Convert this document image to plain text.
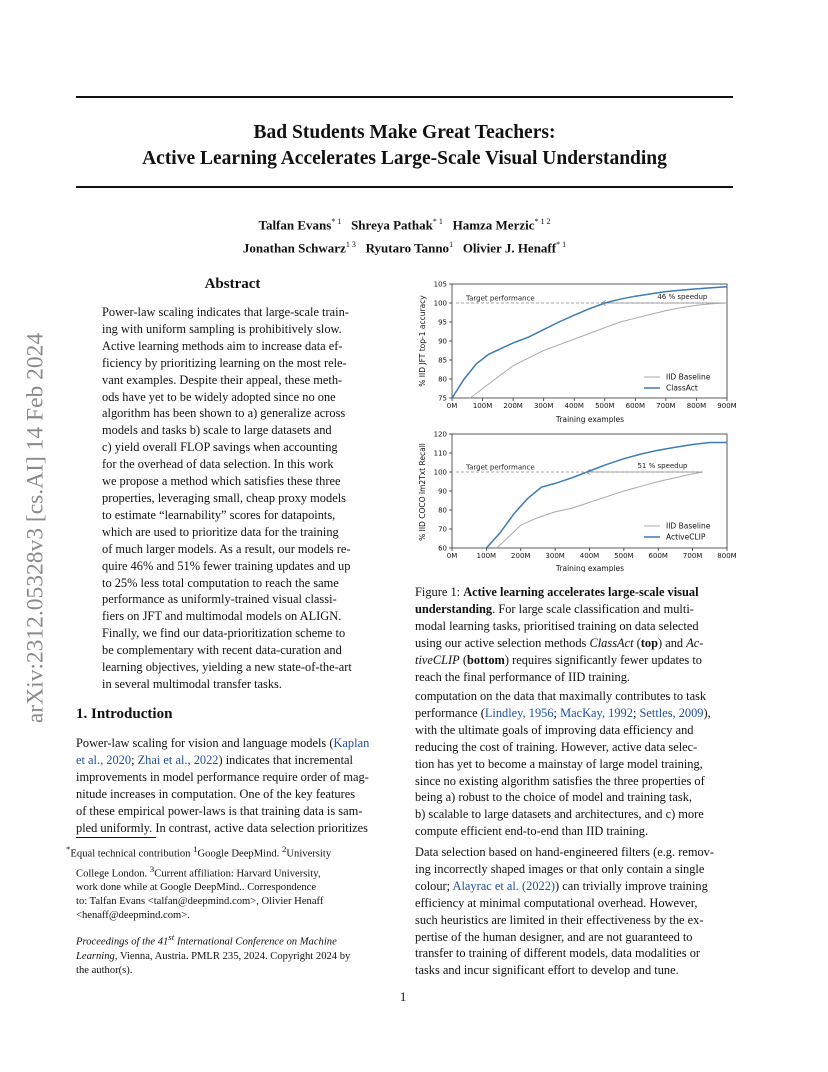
arXiv:2312.05328v3 [cs.AI] 14 Feb 2024
Bad Students Make Great Teachers:
Active Learning Accelerates Large-Scale Visual Understanding
Talfan Evans$^{* 1}$ Shreya Pathak$^{* 1}$ Hamza Merzic$^{* 1 2}$
Jonathan Schwarz$^{1 3}$ Ryutaro Tanno$^1$ Olivier J. Henaff$^{* 1}$
Abstract

Power-law scaling indicates that large-scale train-
ing with uniform sampling is prohibitively slow.
Active learning methods aim to increase data ef-
ficiency by prioritizing learning on the most rele-
vant examples. Despite their appeal, these meth-
ods have yet to be widely adopted since no one
algorithm has been shown to a) generalize across
models and tasks b) scale to large datasets and
c) yield overall FLOP savings when accounting
for the overhead of data selection. In this work
we propose a method which satisfies these three
properties, leveraging small, cheap proxy models
to estimate “learnability” scores for datapoints,
which are used to prioritize data for the training
of much larger models. As a result, our models re-
quire 46% and 51% fewer training updates and up
to 25% less total computation to reach the same
performance as uniformly-trained visual classi-
fiers on JFT and multimodal models on ALIGN.
Finally, we find our data-prioritization scheme to
be complementary with recent data-curation and
learning objectives, yielding a new state-of-the-art
in several multimodal transfer tasks.

1. Introduction

Power-law scaling for vision and language models (Kaplan
et al., 2020; Zhai et al., 2022) indicates that incremental
improvements in model performance require order of mag-
nitude increases in computation. One of the key features
of these empirical power-laws is that training data is sam-
pled uniformly. In contrast, active data selection prioritizes

*Equal technical contribution $^1$Google DeepMind. $^2$University
College London. $^3$Current affiliation: Harvard University,
work done while at Google DeepMind.. Correspondence
to: Talfan Evans <talfan@deepmind.com>, Olivier Henaff
<henaff@deepmind.com>.

Proceedings of the 41st International Conference on Machine
Learning, Vienna, Austria. PMLR 235, 2024. Copyright 2024 by
the author(s).

0M 100M 200M 300M 400M 500M 600M 700M 800M 900M
75
80
85
90
95
100
105
Target performance	46 % speedup
Training examples
% IID JFT top-1 accuracy	IID Baseline
ClassAct
0M	100M 200M 300M 400M 500M 600M 700M 800M
60
70
80
90
100
110
120
Target performance	51 % speedup
Training examples
% IID COCO Im2Txt Recall	IID Baseline
ActiveCLIP

Figure 1: Active learning accelerates large-scale visual
understanding. For large scale classification and multi-
modal learning tasks, prioritised training on data selected
using our active selection methods ClassAct (top) and Ac-
tiveCLIP (bottom) requires significantly fewer updates to
reach the final performance of IID training.

computation on the data that maximally contributes to task
performance (Lindley, 1956; MacKay, 1992; Settles, 2009),
with the ultimate goals of improving data efficiency and
reducing the cost of training. However, active data selec-
tion has yet to become a mainstay of large model training,
since no existing algorithm satisfies the three properties of
being a) robust to the choice of model and training task,
b) scalable to large datasets and architectures, and c) more
compute efficient end-to-end than IID training.

Data selection based on hand-engineered filters (e.g. remov-
ing incorrectly shaped images or that only contain a single
colour; Alayrac et al. (2022)) can trivially improve training
efficiency at minimal computational overhead. However,
such heuristics are limited in their effectiveness by the ex-
pertise of the human designer, and are not guaranteed to
transfer to training of different models, data modalities or
tasks and incur significant effort to develop and tune.

1
